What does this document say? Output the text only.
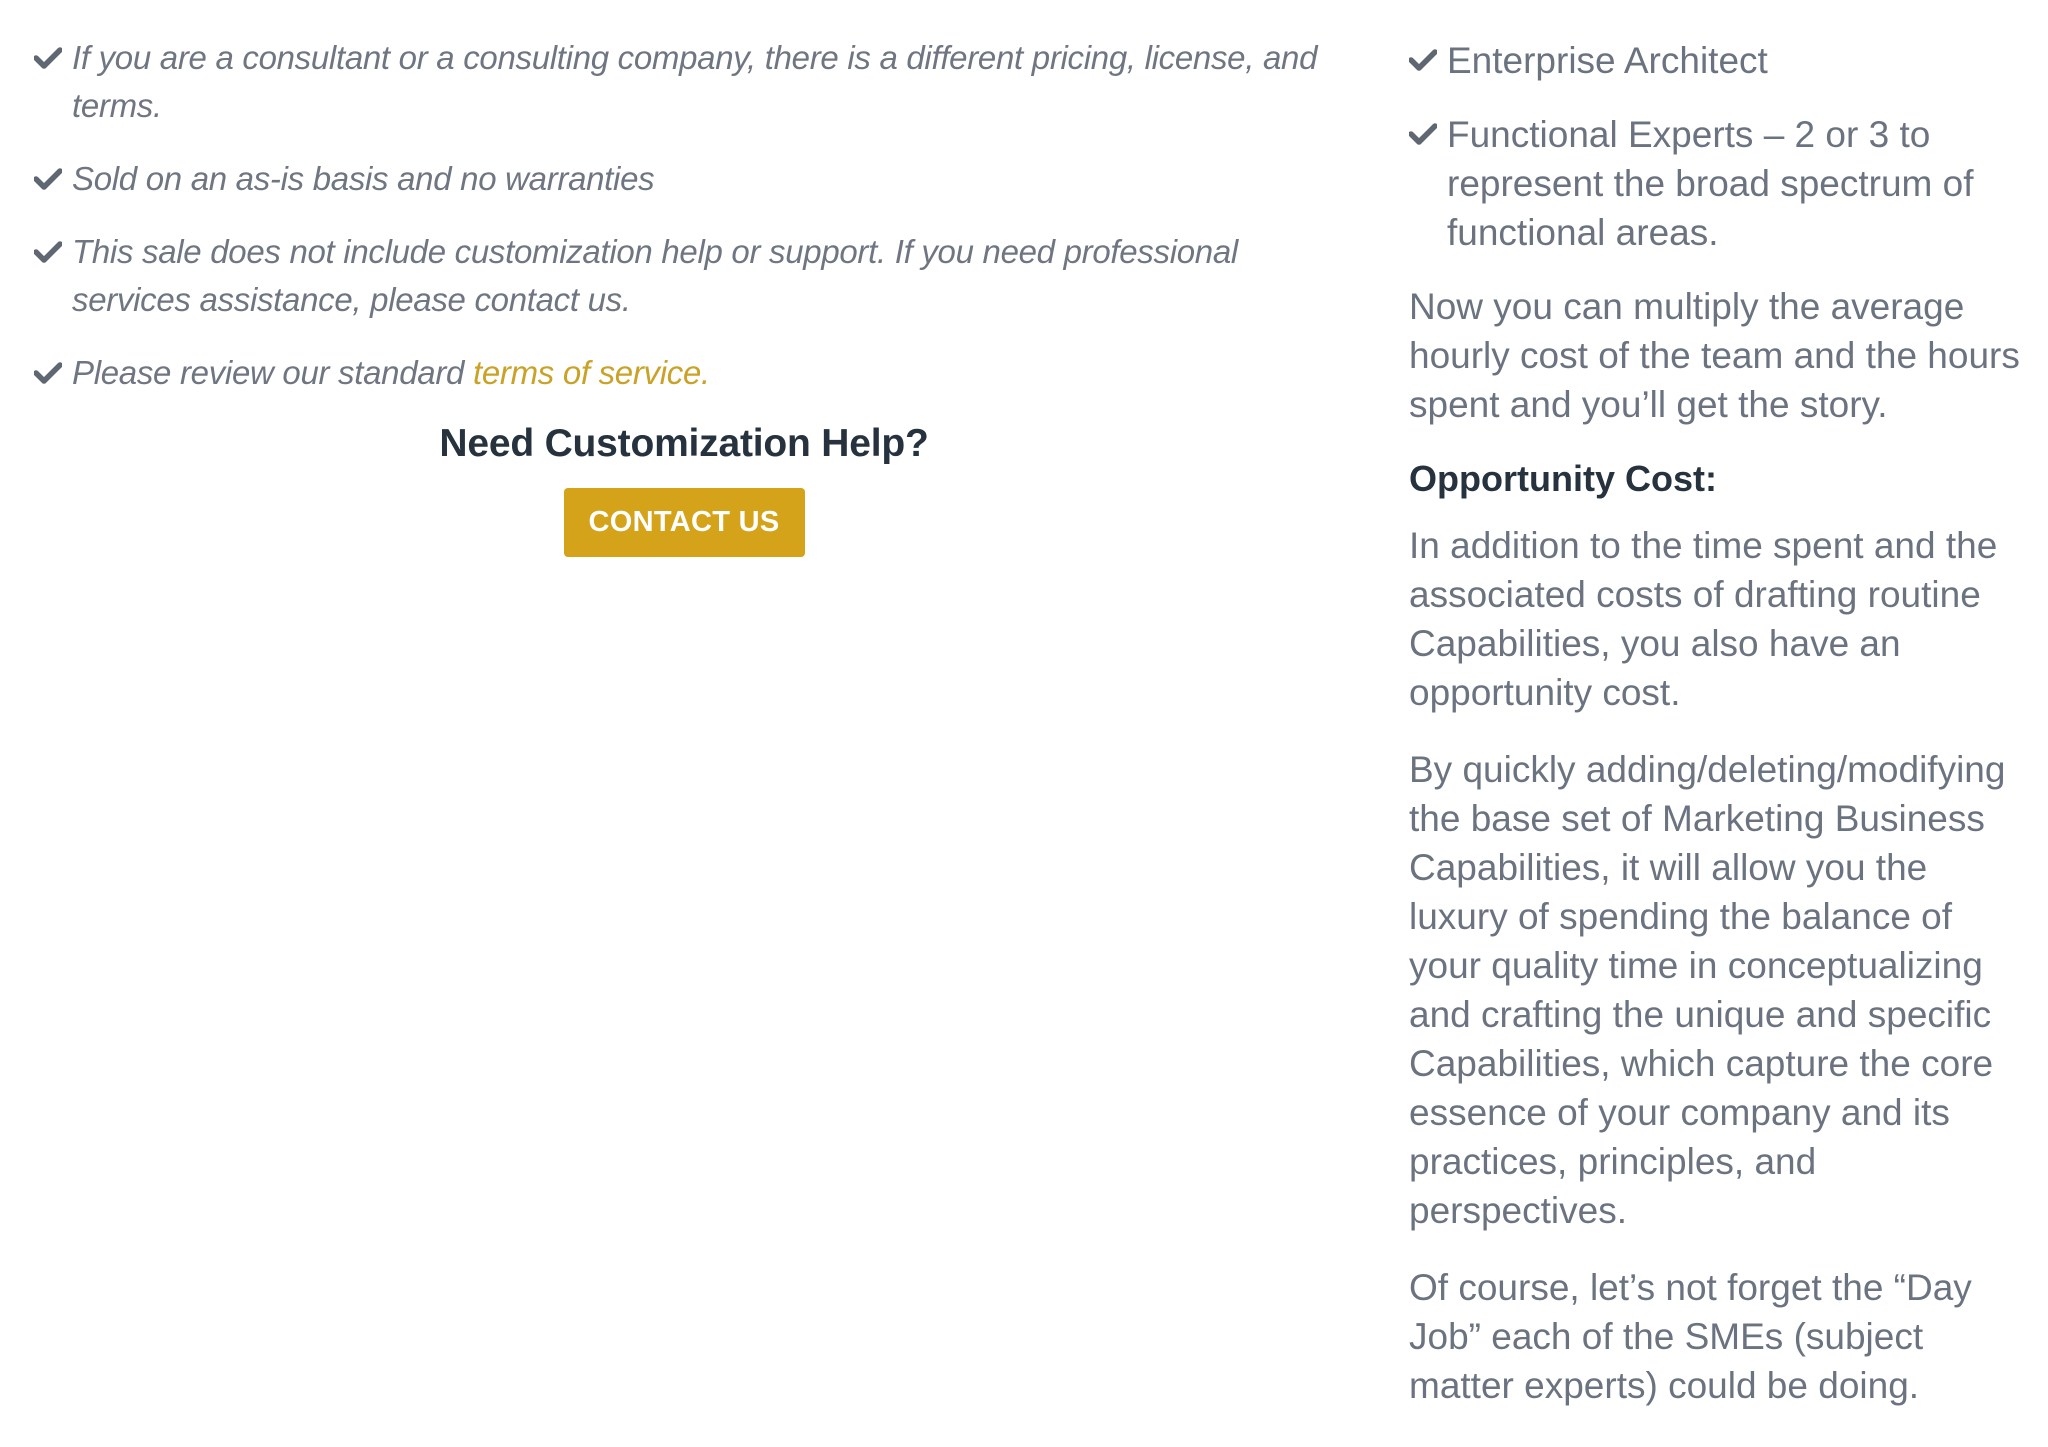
If you are a consultant or a consulting company, there is a different pricing, license, and terms.
Sold on an as-is basis and no warranties
This sale does not include customization help or support. If you need professional services assistance, please contact us.
Please review our standard terms of service.
Need Customization Help?
CONTACT US
Enterprise Architect
Functional Experts – 2 or 3 to represent the broad spectrum of functional areas.

Now you can multiply the average hourly cost of the team and the hours spent and you’ll get the story.

Opportunity Cost:

In addition to the time spent and the associated costs of drafting routine Capabilities, you also have an opportunity cost.

By quickly adding/deleting/modifying the base set of Marketing Business Capabilities, it will allow you the luxury of spending the balance of your quality time in conceptualizing and crafting the unique and specific Capabilities, which capture the core essence of your company and its practices, principles, and perspectives.

Of course, let’s not forget the “Day Job” each of the SMEs (subject matter experts) could be doing.
